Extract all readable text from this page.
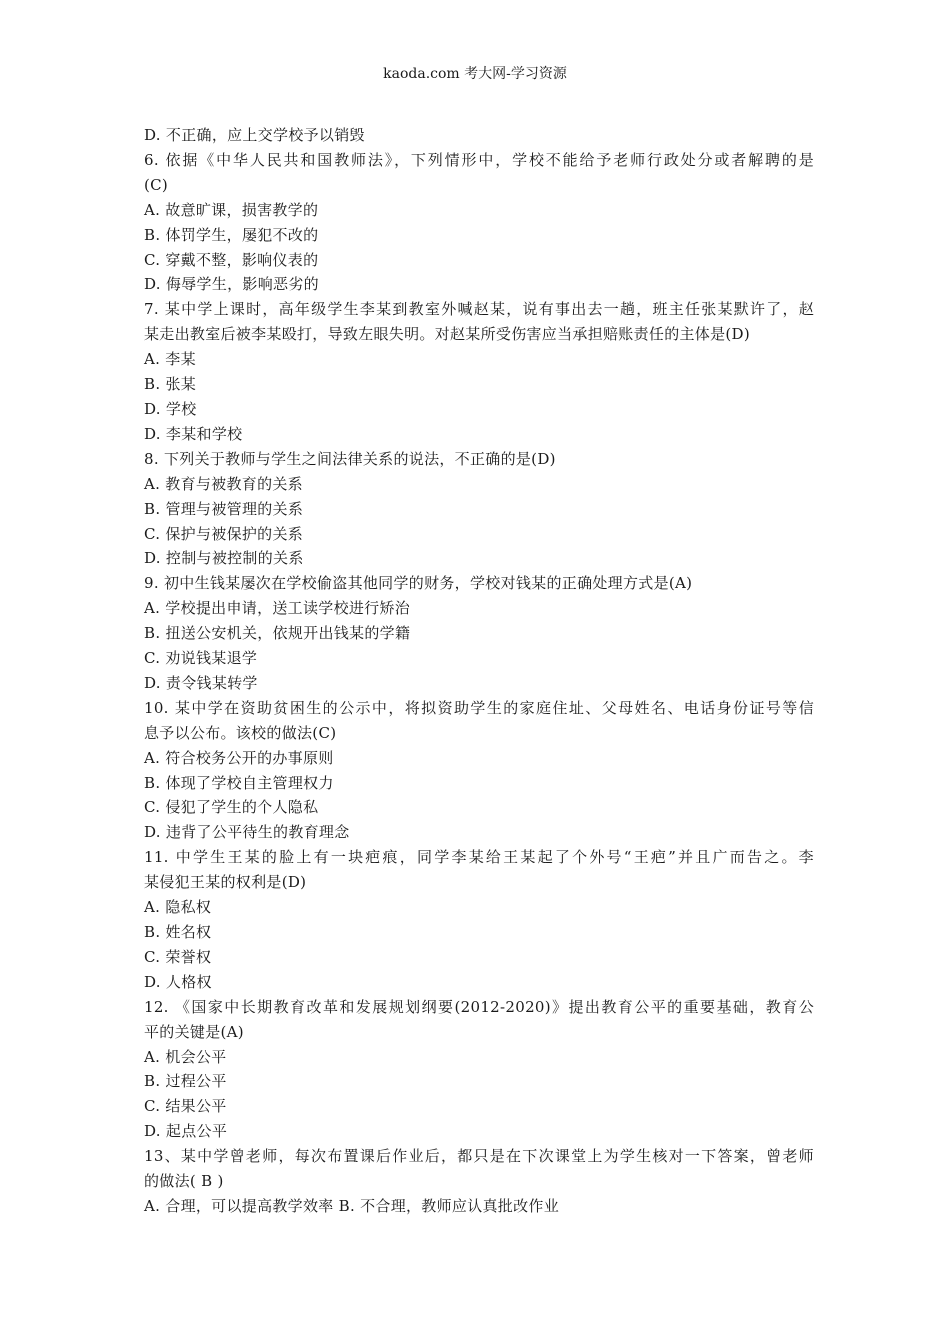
kaoda.com 考大网-学习资源
D. 不正确，应上交学校予以销毁
6. 依据《中华人民共和国教师法》，下列情形中，学校不能给予老师行政处分或者解聘的是
(C)
A. 故意旷课，损害教学的
B. 体罚学生，屡犯不改的
C. 穿戴不整，影响仪表的
D. 侮辱学生，影响恶劣的
7. 某中学上课时，高年级学生李某到教室外喊赵某，说有事出去一趟，班主任张某默许了，赵
某走出教室后被李某殴打，导致左眼失明。对赵某所受伤害应当承担赔账责任的主体是(D)
A. 李某
B. 张某
D. 学校
D. 李某和学校
8. 下列关于教师与学生之间法律关系的说法，不正确的是(D)
A. 教育与被教育的关系
B. 管理与被管理的关系
C. 保护与被保护的关系
D. 控制与被控制的关系
9. 初中生钱某屡次在学校偷盗其他同学的财务，学校对钱某的正确处理方式是(A)
A. 学校提出申请，送工读学校进行矫治
B. 扭送公安机关，依规开出钱某的学籍
C. 劝说钱某退学
D. 责令钱某转学
10. 某中学在资助贫困生的公示中，将拟资助学生的家庭住址、父母姓名、电话身份证号等信
息予以公布。该校的做法(C)
A. 符合校务公开的办事原则
B. 体现了学校自主管理权力
C. 侵犯了学生的个人隐私
D. 违背了公平待生的教育理念
11. 中学生王某的脸上有一块疤痕，同学李某给王某起了个外号“王疤”并且广而告之。李
某侵犯王某的权利是(D)
A. 隐私权
B. 姓名权
C. 荣誉权
D. 人格权
12. 《国家中长期教育改革和发展规划纲要(2012-2020)》提出教育公平的重要基础，教育公
平的关键是(A)
A. 机会公平
B. 过程公平
C. 结果公平
D. 起点公平
13、某中学曾老师，每次布置课后作业后，都只是在下次课堂上为学生核对一下答案，曾老师
的做法( B )
A. 合理，可以提高教学效率 B. 不合理，教师应认真批改作业
